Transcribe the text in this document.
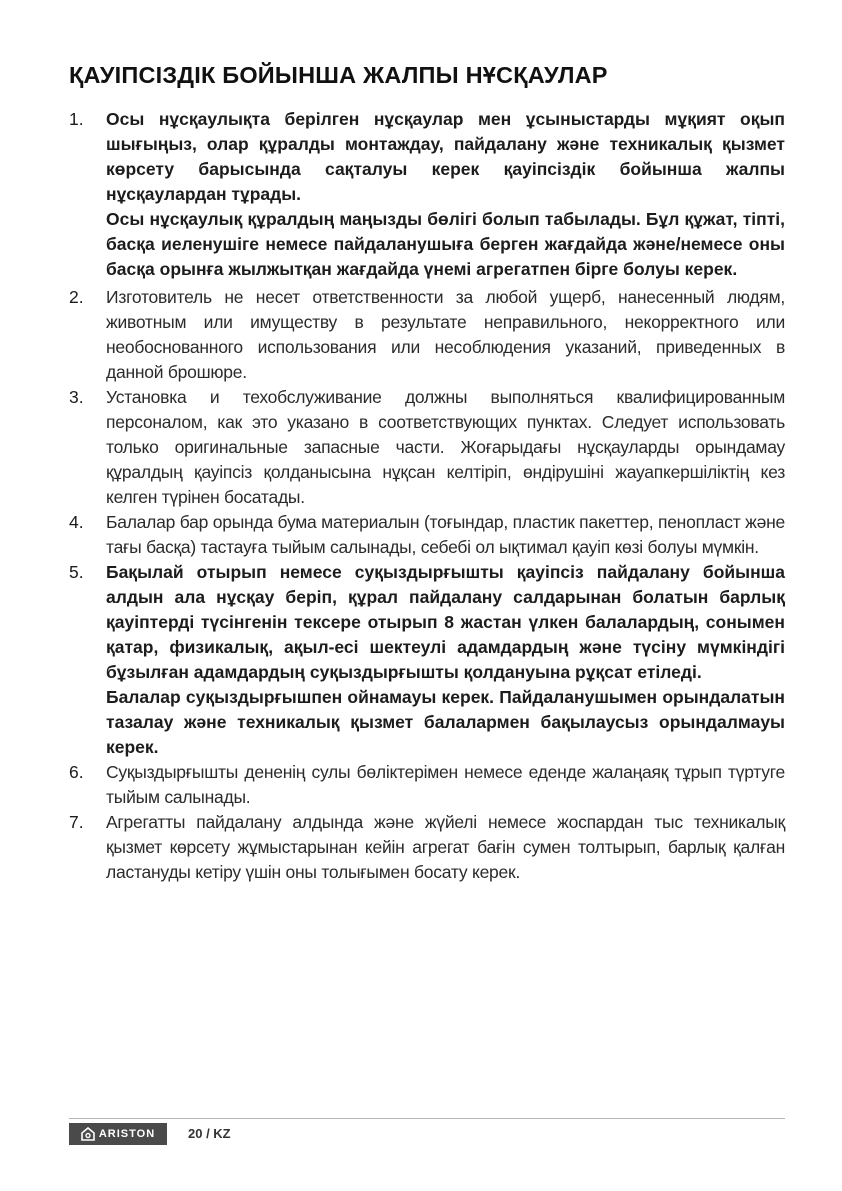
ҚАУІПСІЗДІК БОЙЫНША ЖАЛПЫ НҰСҚАУЛАР
1.	Осы нұсқаулықта берілген нұсқаулар мен ұсыныстарды мұқият оқып шығыңыз, олар құралды монтаждау, пайдалану және техникалық қызмет көрсету барысында сақталуы керек қауіпсіздік бойынша жалпы нұсқаулардан тұрады.

Осы нұсқаулық құралдың маңызды бөлігі болып табылады. Бұл құжат, тіпті, басқа иеленушіге немесе пайдаланушыға берген жағдайда және/немесе оны басқа орынға жылжытқан жағдайда үнемі агрегатпен бірге болуы керек.

2.	Изготовитель не несет ответственности за любой ущерб, нанесенный людям, животным или имуществу в результате неправильного, некорректного или необоснованного использования или несоблюдения указаний, приведенных в данной брошюре.

3.	Установка и техобслуживание должны выполняться квалифицированным персоналом, как это указано в соответствующих пунктах. Следует использовать только оригинальные запасные части. Жоғарыдағы нұсқауларды орындамау құралдың қауіпсіз қолданысына нұқсан келтіріп, өндірушіні жауапкершіліктің кез келген түрінен босатады.

4.	Балалар бар орында бума материалын (тоғындар, пластик пакеттер, пенопласт және тағы басқа) тастауға тыйым салынады, себебі ол ықтимал қауіп көзі болуы мүмкін.

5.	Бақылай отырып немесе суқыздырғышты қауіпсіз пайдалану бойынша алдын ала нұсқау беріп, құрал пайдалану салдарынан болатын барлық қауіптерді түсінгенін тексере отырып 8 жастан үлкен балалардың, сонымен қатар, физикалық, ақыл-есі шектеулі адамдардың және түсіну мүмкіндігі бұзылған адамдардың суқыздырғышты қолдануына рұқсат етіледі.

Балалар суқыздырғышпен ойнамауы керек. Пайдаланушымен орындалатын тазалау және техникалық қызмет балалармен бақылаусыз орындалмауы керек.

6.	Суқыздырғышты дененің сулы бөліктерімен немесе еденде жалаңаяқ тұрып түртуге тыйым салынады.

7.	Агрегатты пайдалану алдында және жүйелі немесе жоспардан тыс техникалық қызмет көрсету жұмыстарынан кейін агрегат бағін сумен толтырып, барлық қалған ластануды кетіру үшін оны толығымен босату керек.

ARISTON	20 / KZ
